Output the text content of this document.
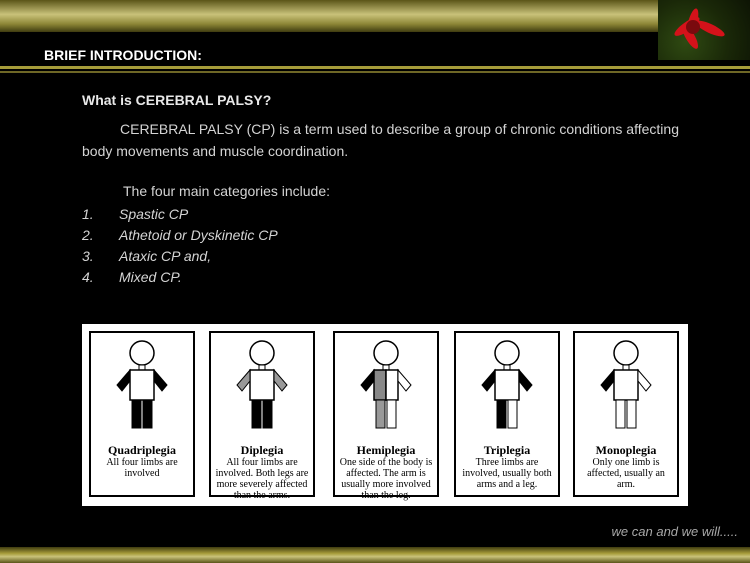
BRIEF INTRODUCTION:
What is CEREBRAL PALSY?
CEREBRAL PALSY (CP) is a term used to describe a group of chronic conditions affecting body movements and muscle coordination.
The four main categories include:
1. Spastic CP
2. Athetoid or Dyskinetic CP
3. Ataxic CP and,
4. Mixed CP.
Quadriplegia
All four limbs are involved
Diplegia
All four limbs are involved. Both legs are more severely affected than the arms.
Hemiplegia
One side of the body is affected. The arm is usually more involved than the leg.
Triplegia
Three limbs are involved, usually both arms and a leg.
Monoplegia
Only one limb is affected, usually an arm.
we can and we will.....
